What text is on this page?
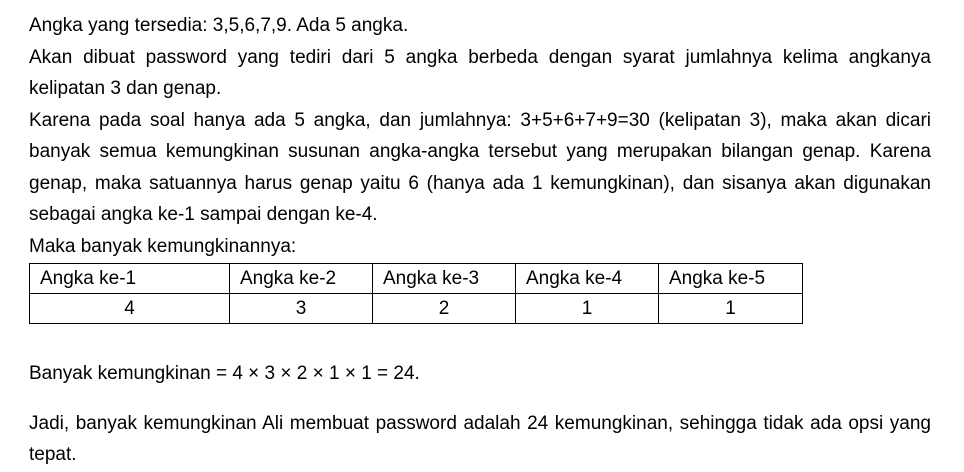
Angka yang tersedia: 3,5,6,7,9. Ada 5 angka.

Akan dibuat password yang tediri dari 5 angka berbeda dengan syarat jumlahnya kelima angkanya kelipatan 3 dan genap.

Karena pada soal hanya ada 5 angka, dan jumlahnya: 3+5+6+7+9=30 (kelipatan 3), maka akan dicari banyak semua kemungkinan susunan angka-angka tersebut yang merupakan bilangan genap. Karena genap, maka satuannya harus genap yaitu 6 (hanya ada 1 kemungkinan), dan sisanya akan digunakan sebagai angka ke-1 sampai dengan ke-4.

Maka banyak kemungkinannya:

Angka ke-1	Angka ke-2	Angka ke-3	Angka ke-4	Angka ke-5
4	3	2	1	1

Banyak kemungkinan = 4 × 3 × 2 × 1 × 1 = 24.

Jadi, banyak kemungkinan Ali membuat password adalah 24 kemungkinan, sehingga tidak ada opsi yang tepat.
